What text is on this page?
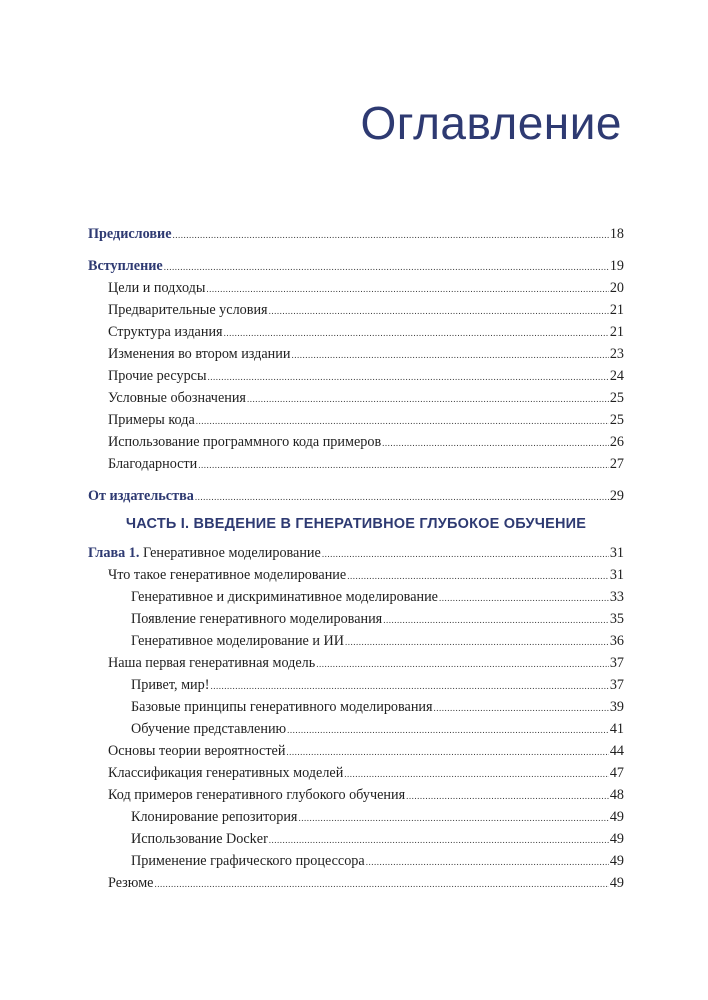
Оглавление
Предисловие .....	18
Вступление .....	19
Цели и подходы .....	20
Предварительные условия .....	21
Структура издания .....	21
Изменения во втором издании .....	23
Прочие ресурсы .....	24
Условные обозначения .....	25
Примеры кода .....	25
Использование программного кода примеров .....	26
Благодарности .....	27
От издательства .....	29
ЧАСТЬ I. ВВЕДЕНИЕ В ГЕНЕРАТИВНОЕ ГЛУБОКОЕ ОБУЧЕНИЕ
Глава 1. Генеративное моделирование .....	31
Что такое генеративное моделирование .....	31
Генеративное и дискриминативное моделирование .....	33
Появление генеративного моделирования .....	35
Генеративное моделирование и ИИ .....	36
Наша первая генеративная модель .....	37
Привет, мир! .....	37
Базовые принципы генеративного моделирования .....	39
Обучение представлению .....	41
Основы теории вероятностей .....	44
Классификация генеративных моделей .....	47
Код примеров генеративного глубокого обучения .....	48
Клонирование репозитория .....	49
Использование Docker .....	49
Применение графического процессора .....	49
Резюме .....	49
